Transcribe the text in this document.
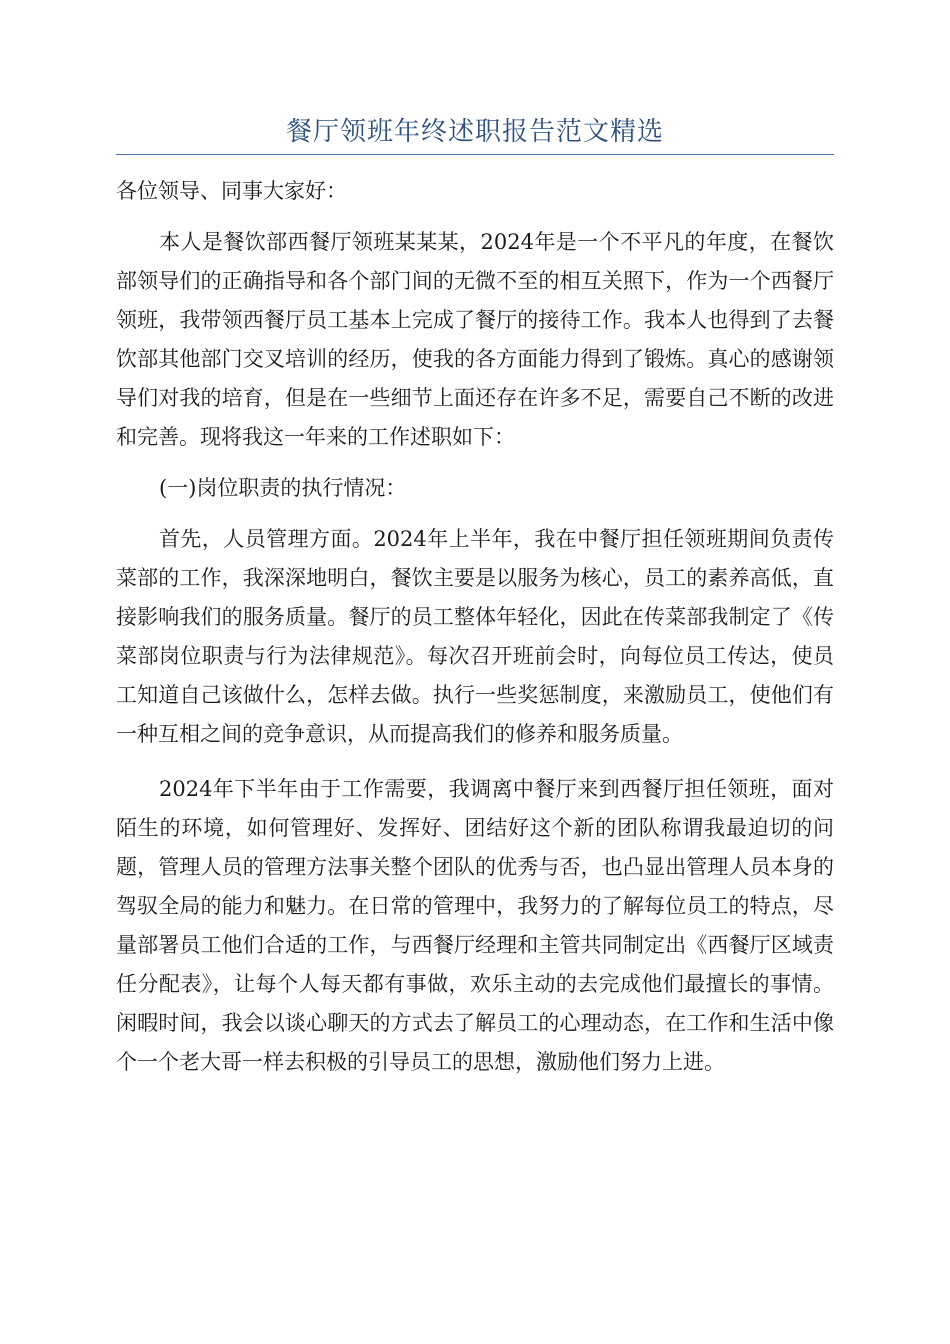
餐厅领班年终述职报告范文精选

各位领导、同事大家好：

本人是餐饮部西餐厅领班某某某，2024年是一个不平凡的年度，在餐饮部领导们的正确指导和各个部门间的无微不至的相互关照下，作为一个西餐厅领班，我带领西餐厅员工基本上完成了餐厅的接待工作。我本人也得到了去餐饮部其他部门交叉培训的经历，使我的各方面能力得到了锻炼。真心的感谢领导们对我的培育，但是在一些细节上面还存在许多不足，需要自己不断的改进和完善。现将我这一年来的工作述职如下：

(一)岗位职责的执行情况：

首先，人员管理方面。2024年上半年，我在中餐厅担任领班期间负责传菜部的工作，我深深地明白，餐饮主要是以服务为核心，员工的素养高低，直接影响我们的服务质量。餐厅的员工整体年轻化，因此在传菜部我制定了《传菜部岗位职责与行为法律规范》。每次召开班前会时，向每位员工传达，使员工知道自己该做什么，怎样去做。执行一些奖惩制度，来激励员工，使他们有一种互相之间的竞争意识，从而提高我们的修养和服务质量。

2024年下半年由于工作需要，我调离中餐厅来到西餐厅担任领班，面对陌生的环境，如何管理好、发挥好、团结好这个新的团队称谓我最迫切的问题，管理人员的管理方法事关整个团队的优秀与否，也凸显出管理人员本身的驾驭全局的能力和魅力。在日常的管理中，我努力的了解每位员工的特点，尽量部署员工他们合适的工作，与西餐厅经理和主管共同制定出《西餐厅区域责任分配表》，让每个人每天都有事做，欢乐主动的去完成他们最擅长的事情。闲暇时间，我会以谈心聊天的方式去了解员工的心理动态，在工作和生活中像个一个老大哥一样去积极的引导员工的思想，激励他们努力上进。
